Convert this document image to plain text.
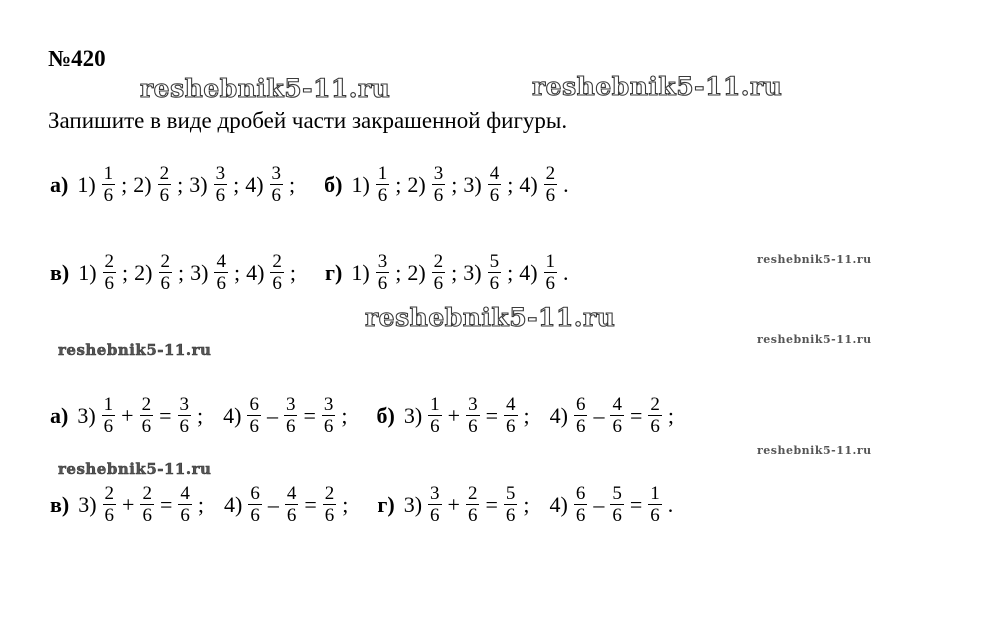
№420
reshebnik5-11.ru	reshebnik5-11.ru
Запишите в виде дробей части закрашенной фигуры.
а) $1) \frac{1}{6}$ ; $2) \frac{2}{6}$ ; $3) \frac{3}{6}$ ; $4) \frac{3}{6}$ ; б) $1) \frac{1}{6}$ ; $2) \frac{3}{6}$ ; $3) \frac{4}{6}$ ; $4) \frac{2}{6}$ .
в) $1) \frac{2}{6}$ ; $2) \frac{2}{6}$ ; $3) \frac{4}{6}$ ; $4) \frac{2}{6}$ ; г) $1) \frac{3}{6}$ ; $2) \frac{2}{6}$ ; $3) \frac{5}{6}$ ; $4) \frac{1}{6}$ .	reshebnik5-11.ru
reshebnik5-11.ru
reshebnik5-11.ru
reshebnik5-11.ru
а) $3) \frac{1}{6} + \frac{2}{6} = \frac{3}{6}$ ; $4) \frac{6}{6} - \frac{3}{6} = \frac{3}{6}$ ; б) $3) \frac{1}{6} + \frac{3}{6} = \frac{4}{6}$ ; $4) \frac{6}{6} - \frac{4}{6} = \frac{2}{6}$ ;
reshebnik5-11.ru
reshebnik5-11.ru
в) $3) \frac{2}{6} + \frac{2}{6} = \frac{4}{6}$ ; $4) \frac{6}{6} - \frac{4}{6} = \frac{2}{6}$ ; г) $3) \frac{3}{6} + \frac{2}{6} = \frac{5}{6}$ ; $4) \frac{6}{6} - \frac{5}{6} = \frac{1}{6}$ .
